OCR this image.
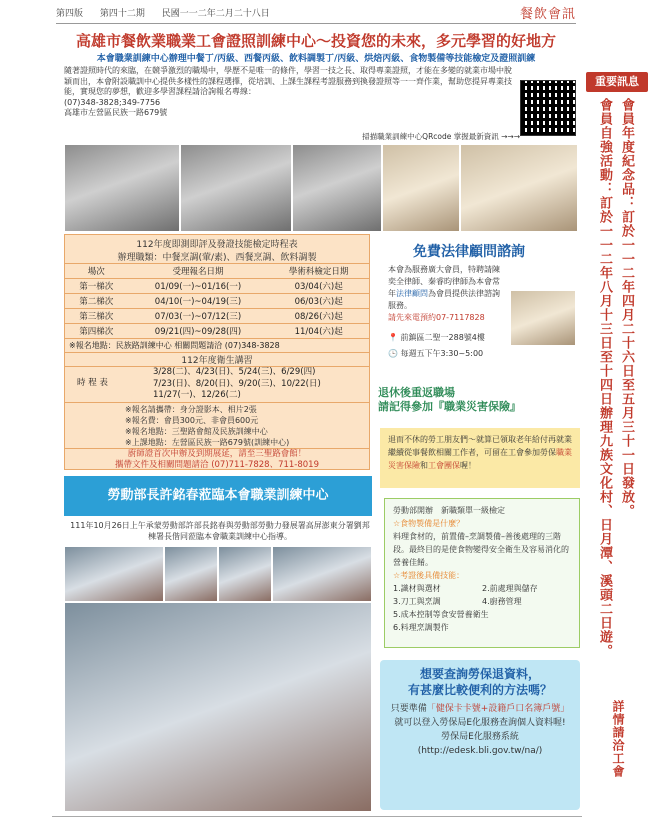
第四版 第四十二期 民國一一二年二月二十八日	餐飲會訊
高雄市餐飲業職業工會證照訓練中心～投資您的未來，多元學習的好地方
本會職業訓練中心辦理中餐丁/丙級、西餐丙級、飲料調製丁/丙級、烘焙丙級、食物製備等技能檢定及證照訓練
隨著證照時代的來臨，在競爭激烈的職場中，學歷不是唯一的條件，學習一技之長、取得專業證照，才能在多變的就業市場中脫穎而出，本會附設職訓中心提供多樣性的課程選擇，從培訓、上課生課程考證服務到換發證照等一一齊作業，幫助您提昇專業技能，實現您的夢想，歡迎多學習課程請洽詢報名專線：
(07)348-3828;349-7756
高雄市左營區民族一路679號
掃描職業訓練中心QRcode 掌握最新資訊 →→→
112年度即測即評及發證技能檢定時程表
辦理職類：中餐烹調(葷/素)、西餐烹調、飲料調製
場次	受理報名日期	學術科檢定日期
第一梯次	01/09(一)~01/16(一)	03/04(六)起
第二梯次	04/10(一)~04/19(三)	06/03(六)起
第三梯次	07/03(一)~07/12(三)	08/26(六)起
第四梯次	09/21(四)~09/28(四)	11/04(六)起
※報名地點：民族路訓練中心 相關問題請洽 (07)348-3828
112年度衛生講習
時 程 表
3/28(二)、4/23(日)、5/24(三)、6/29(四)
7/23(日)、8/20(日)、9/20(三)、10/22(日)
11/27(一)、12/26(二)
※報名請攜帶：身分證影本、相片2張
※報名費：會員300元、非會員600元
※報名地點：三聖路會館及民族訓練中心
※上課地點：左營區民族一路679號(訓練中心)
廚師證首次申辦及到期展延，請至三聖路會館！
攜帶文件及相關問題請洽 (07)711-7828、711-8019
重要訊息
會員年度紀念品：訂於一一二年四月二十六日至五月三十一日發放。
會員自強活動：訂於一一二年八月十三日至十四日辦理九族文化村、日月潭、溪頭二日遊。
詳情請洽工會
免費法律顧問諮詢
本會為服務廣大會員，特聘請陳奕全律師、秦睿昀律師為本會常年法律顧問為會員提供法律諮詢服務。
請先來電預約07-7117828
📍 前鎮區二聖一288號4樓
🕒 每週五下午3:30~5:00
退休後重返職場
請記得參加『職業災害保險』
退而不休的勞工朋友們～就算已領取老年給付再就業繼續從事餐飲相關工作者，可留在工會參加勞保職業災害保險和工會團保喔！
勞動部開辦　新職類單一級檢定
☆食物製備是什麼？
料理食材的，前置備–烹調製備–善後處理的三階段。最終目的是使食物變得安全衛生及容易消化的營養佳餚。
☆考證後具備技能：
1.識材與選材	2.前處理與儲存
3.刀工與烹調	4.廚務管理
5.成本控制等食安營養衛生
6.料理烹調製作
想要查詢勞保退資料，
有甚麼比較便利的方法嗎？
只要準備「健保卡卡號+設籍戶口名簿戶號」
就可以登入勞保局E化服務查詢個人資料喔!
勞保局E化服務系統
(http://edesk.bli.gov.tw/na/)
勞動部長許銘春蒞臨本會職業訓練中心
111年10月26日上午承蒙勞動部許部長銘春與勞動部勞動力發展署高屏澎東分署劉邦棟署長偕同蒞臨本會職業訓練中心指導。
